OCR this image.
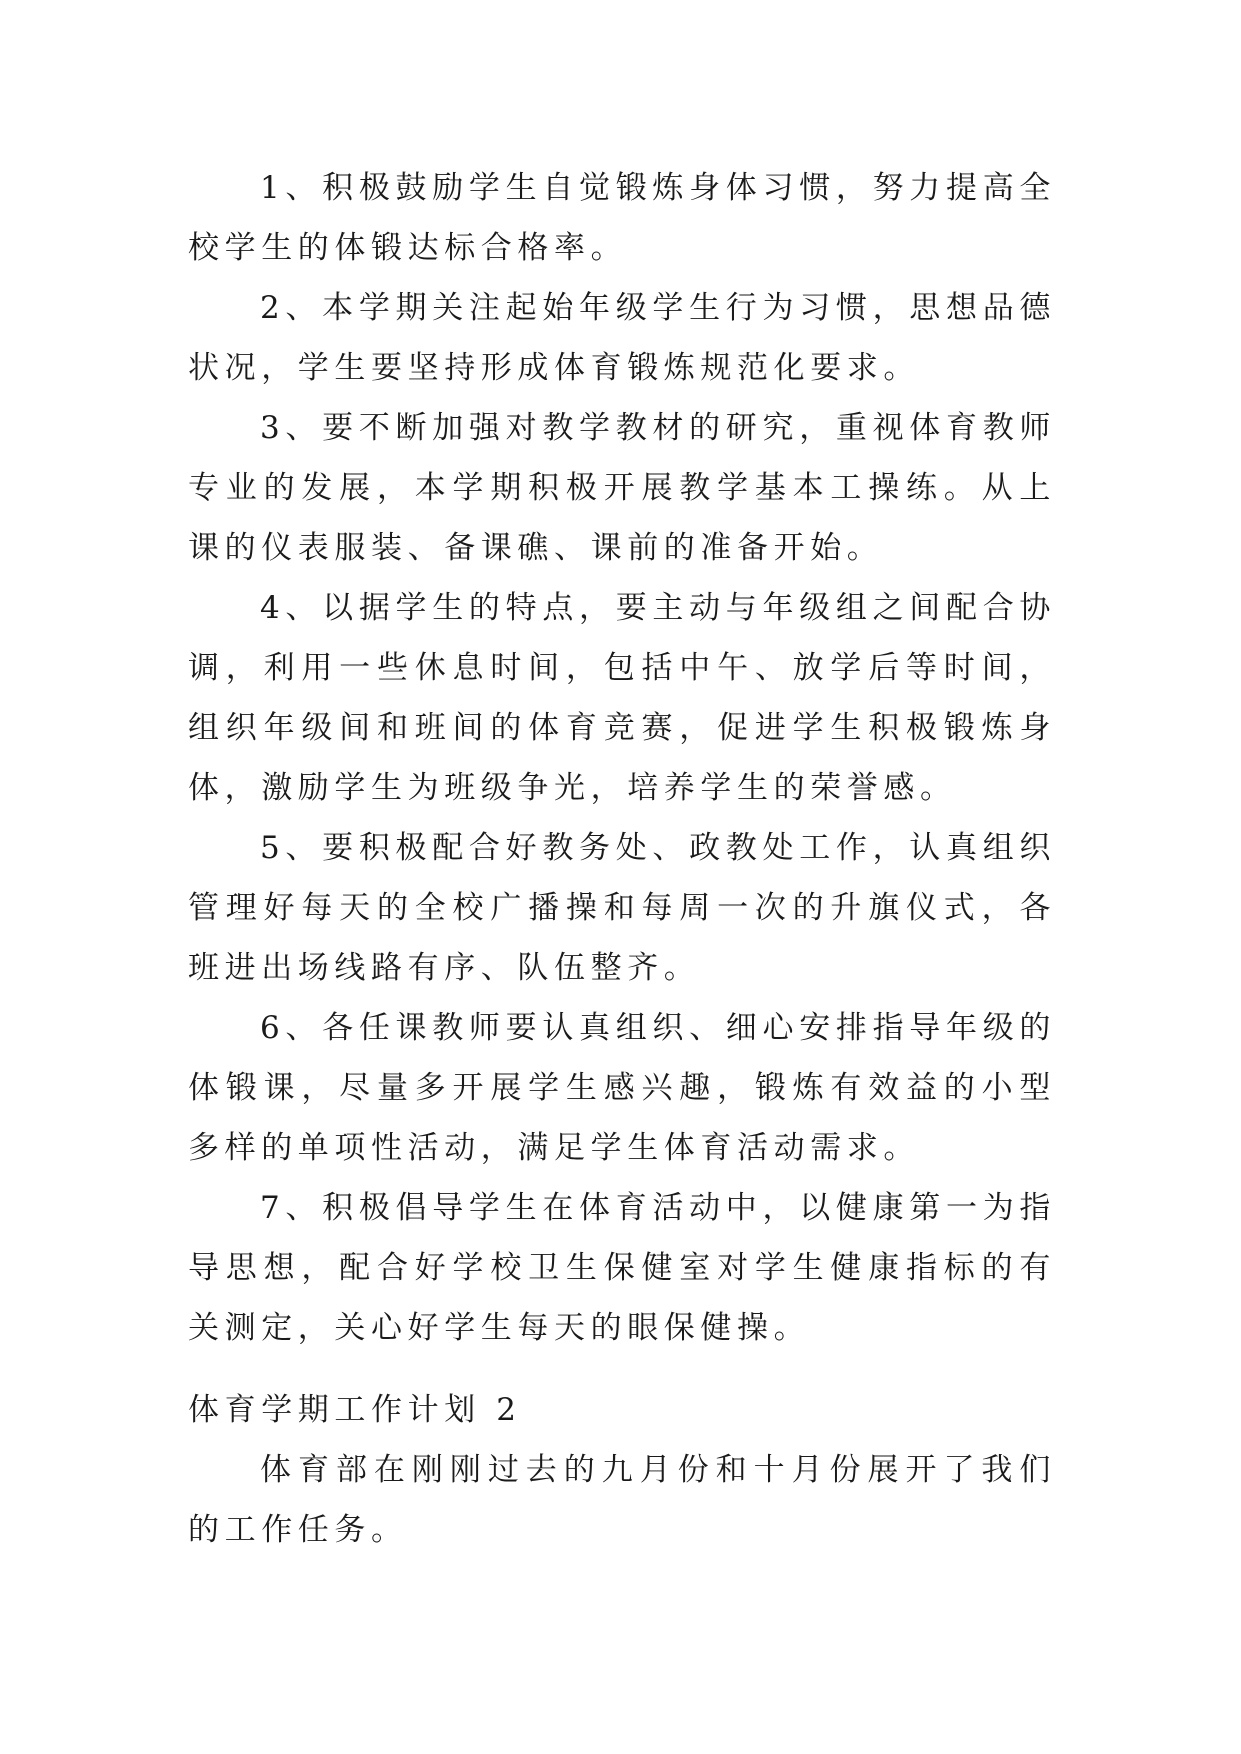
1、积极鼓励学生自觉锻炼身体习惯，努力提高全校学生的体锻达标合格率。

2、本学期关注起始年级学生行为习惯，思想品德状况，学生要坚持形成体育锻炼规范化要求。

3、要不断加强对教学教材的研究，重视体育教师专业的发展，本学期积极开展教学基本工操练。从上课的仪表服装、备课礁、课前的准备开始。

4、以据学生的特点，要主动与年级组之间配合协调，利用一些休息时间，包括中午、放学后等时间，组织年级间和班间的体育竞赛，促进学生积极锻炼身体，激励学生为班级争光，培养学生的荣誉感。

5、要积极配合好教务处、政教处工作，认真组织管理好每天的全校广播操和每周一次的升旗仪式，各班进出场线路有序、队伍整齐。

6、各任课教师要认真组织、细心安排指导年级的体锻课，尽量多开展学生感兴趣，锻炼有效益的小型多样的单项性活动，满足学生体育活动需求。

7、积极倡导学生在体育活动中，以健康第一为指导思想，配合好学校卫生保健室对学生健康指标的有关测定，关心好学生每天的眼保健操。

体育学期工作计划 2

体育部在刚刚过去的九月份和十月份展开了我们的工作任务。
